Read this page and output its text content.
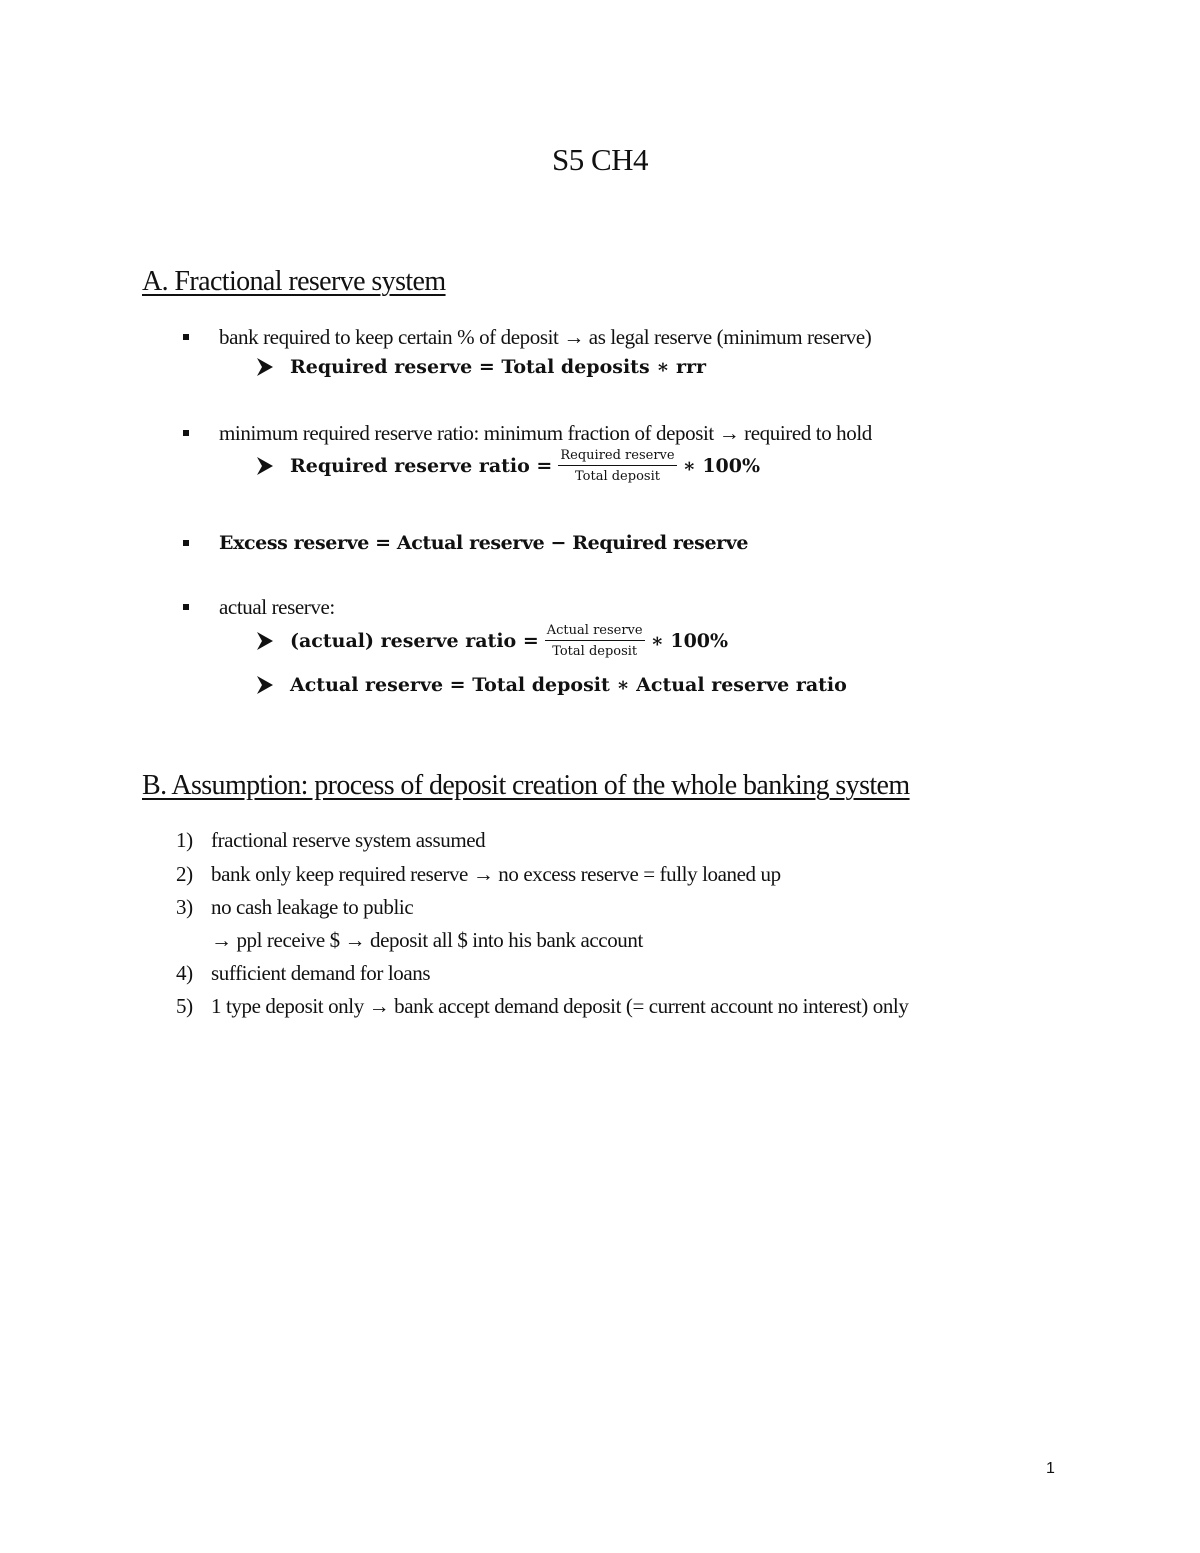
S5 CH4
A. Fractional reserve system
bank required to keep certain % of deposit → as legal reserve (minimum reserve)
Required reserve = Total deposits ∗ rrr
minimum required reserve ratio: minimum fraction of deposit → required to hold
Required reserve ratio = $\frac{\text{Required reserve}}{\text{Total deposit}}$ ∗ 100%
Excess reserve = Actual reserve − Required reserve
actual reserve:
(actual) reserve ratio = $\frac{\text{Actual reserve}}{\text{Total deposit}}$ ∗ 100%
Actual reserve = Total deposit ∗ Actual reserve ratio
B. Assumption: process of deposit creation of the whole banking system
1) fractional reserve system assumed
2) bank only keep required reserve → no excess reserve = fully loaned up
3) no cash leakage to public
→ ppl receive $ → deposit all $ into his bank account
4) sufficient demand for loans
5) 1 type deposit only → bank accept demand deposit (= current account no interest) only
1
